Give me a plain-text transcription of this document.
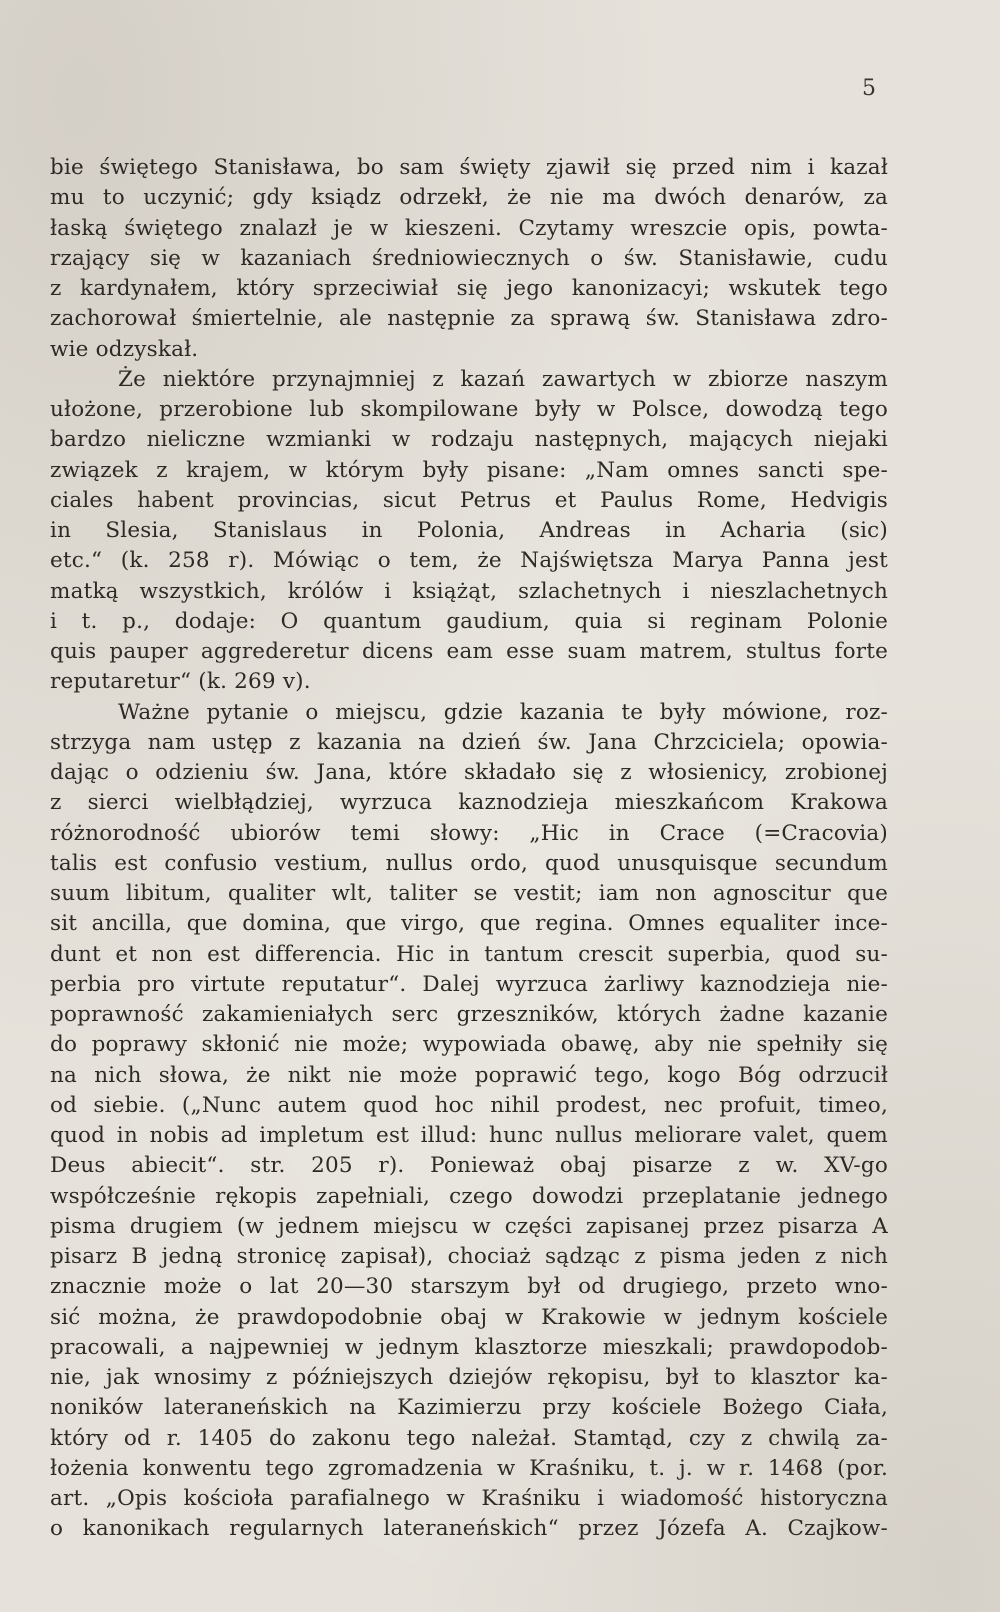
5
bie świętego Stanisława, bo sam święty zjawił się przed nim i kazał
mu to uczynić; gdy ksiądz odrzekł, że nie ma dwóch denarów, za
łaską świętego znalazł je w kieszeni. Czytamy wreszcie opis, powta-
rzający się w kazaniach średniowiecznych o św. Stanisławie, cudu
z kardynałem, który sprzeciwiał się jego kanonizacyi; wskutek tego
zachorował śmiertelnie, ale następnie za sprawą św. Stanisława zdro-
wie odzyskał.
Że niektóre przynajmniej z kazań zawartych w zbiorze naszym
ułożone, przerobione lub skompilowane były w Polsce, dowodzą tego
bardzo nieliczne wzmianki w rodzaju następnych, mających niejaki
związek z krajem, w którym były pisane: „Nam omnes sancti spe-
ciales habent provincias, sicut Petrus et Paulus Rome, Hedvigis
in Slesia, Stanislaus in Polonia, Andreas in Acharia (sic)
etc.“ (k. 258 r). Mówiąc o tem, że Najświętsza Marya Panna jest
matką wszystkich, królów i książąt, szlachetnych i nieszlachetnych
i t. p., dodaje: O quantum gaudium, quia si reginam Polonie
quis pauper aggrederetur dicens eam esse suam matrem, stultus forte
reputaretur“ (k. 269 v).
Ważne pytanie o miejscu, gdzie kazania te były mówione, roz-
strzyga nam ustęp z kazania na dzień św. Jana Chrzciciela; opowia-
dając o odzieniu św. Jana, które składało się z włosienicy, zrobionej
z sierci wielbłądziej, wyrzuca kaznodzieja mieszkańcom Krakowa
różnorodność ubiorów temi słowy: „Hic in Crace (=Cracovia)
talis est confusio vestium, nullus ordo, quod unusquisque secundum
suum libitum, qualiter wlt, taliter se vestit; iam non agnoscitur que
sit ancilla, que domina, que virgo, que regina. Omnes equaliter ince-
dunt et non est differencia. Hic in tantum crescit superbia, quod su-
perbia pro virtute reputatur“. Dalej wyrzuca żarliwy kaznodzieja nie-
poprawność zakamieniałych serc grzeszników, których żadne kazanie
do poprawy skłonić nie może; wypowiada obawę, aby nie spełniły się
na nich słowa, że nikt nie może poprawić tego, kogo Bóg odrzucił
od siebie. („Nunc autem quod hoc nihil prodest, nec profuit, timeo,
quod in nobis ad impletum est illud: hunc nullus meliorare valet, quem
Deus abiecit“. str. 205 r). Ponieważ obaj pisarze z w. XV-go
współcześnie rękopis zapełniali, czego dowodzi przeplatanie jednego
pisma drugiem (w jednem miejscu w części zapisanej przez pisarza A
pisarz B jedną stronicę zapisał), chociaż sądząc z pisma jeden z nich
znacznie może o lat 20—30 starszym był od drugiego, przeto wno-
sić można, że prawdopodobnie obaj w Krakowie w jednym kościele
pracowali, a najpewniej w jednym klasztorze mieszkali; prawdopodob-
nie, jak wnosimy z późniejszych dziejów rękopisu, był to klasztor ka-
noników lateraneńskich na Kazimierzu przy kościele Bożego Ciała,
który od r. 1405 do zakonu tego należał. Stamtąd, czy z chwilą za-
łożenia konwentu tego zgromadzenia w Kraśniku, t. j. w r. 1468 (por.
art. „Opis kościoła parafialnego w Kraśniku i wiadomość historyczna
o kanonikach regularnych lateraneńskich“ przez Józefa A. Czajkow-
